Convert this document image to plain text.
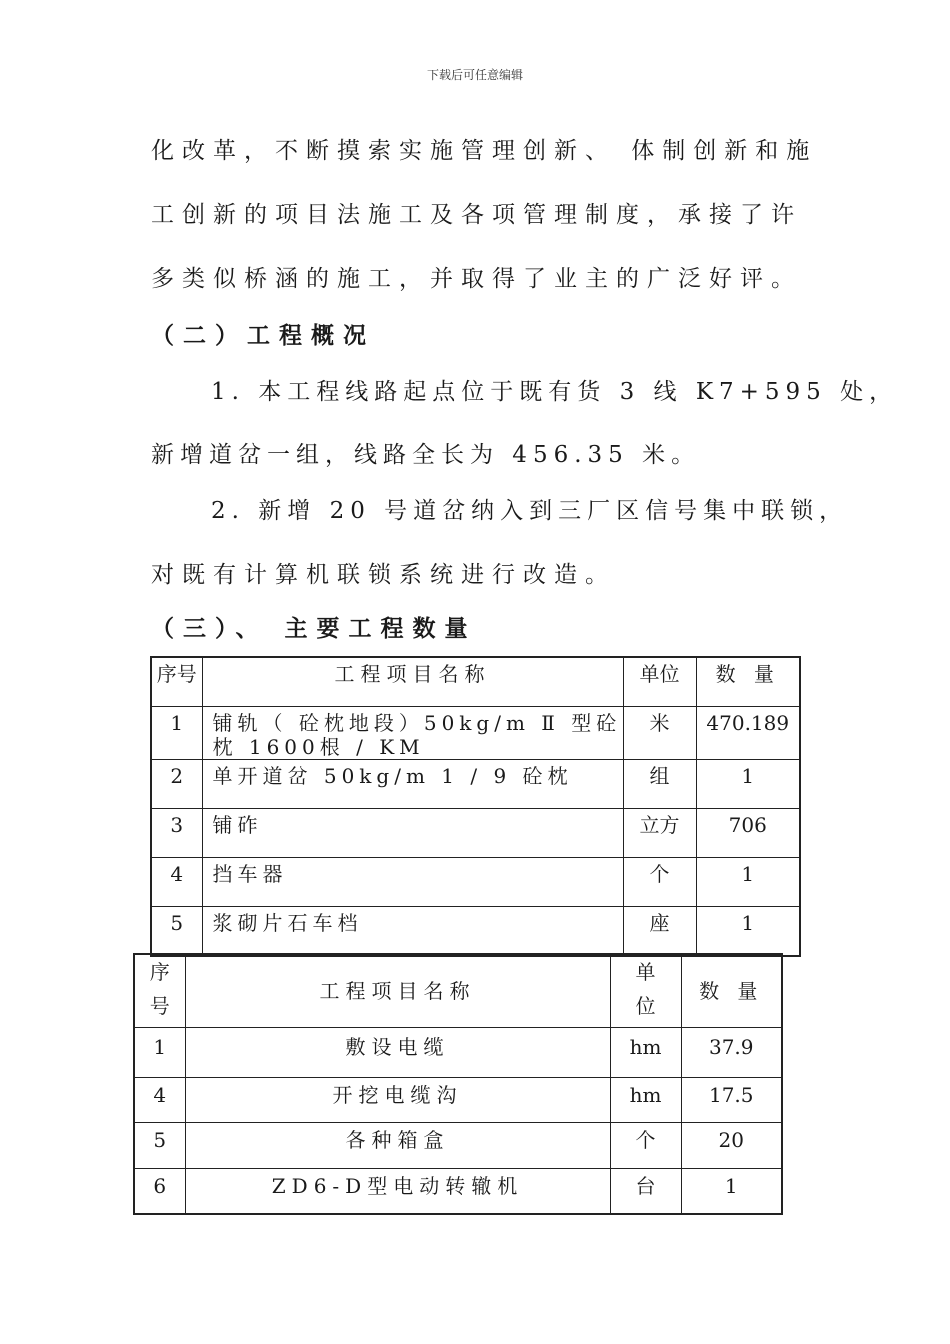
下载后可任意编辑
化改革，不断摸索实施管理创新、 体制创新和施
工创新的项目法施工及各项管理制度，承接了许
多类似桥涵的施工，并取得了业主的广泛好评。
（二）工程概况
1. 本工程线路起点位于既有货 3 线 K7+595 处，
新增道岔一组，线路全长为 456.35 米。
2. 新增 20 号道岔纳入到三厂区信号集中联锁，
对既有计算机联锁系统进行改造。
（三）、 主要工程数量
序号	工程项目名称	单位	数 量
1	铺轨（ 砼枕地段）50kg/m Ⅱ 型砼枕 1600根 / KM	米	470.189
2	单开道岔 50kg/m 1 / 9 砼枕	组	1
3	铺砟	立方	706
4	挡车器	个	1
5	浆砌片石车档	座	1
序号	工程项目名称	单位	数 量
1	敷设电缆	hm	37.9
4	开挖电缆沟	hm	17.5
5	各种箱盒	个	20
6	ZD6-D型电动转辙机	台	1
